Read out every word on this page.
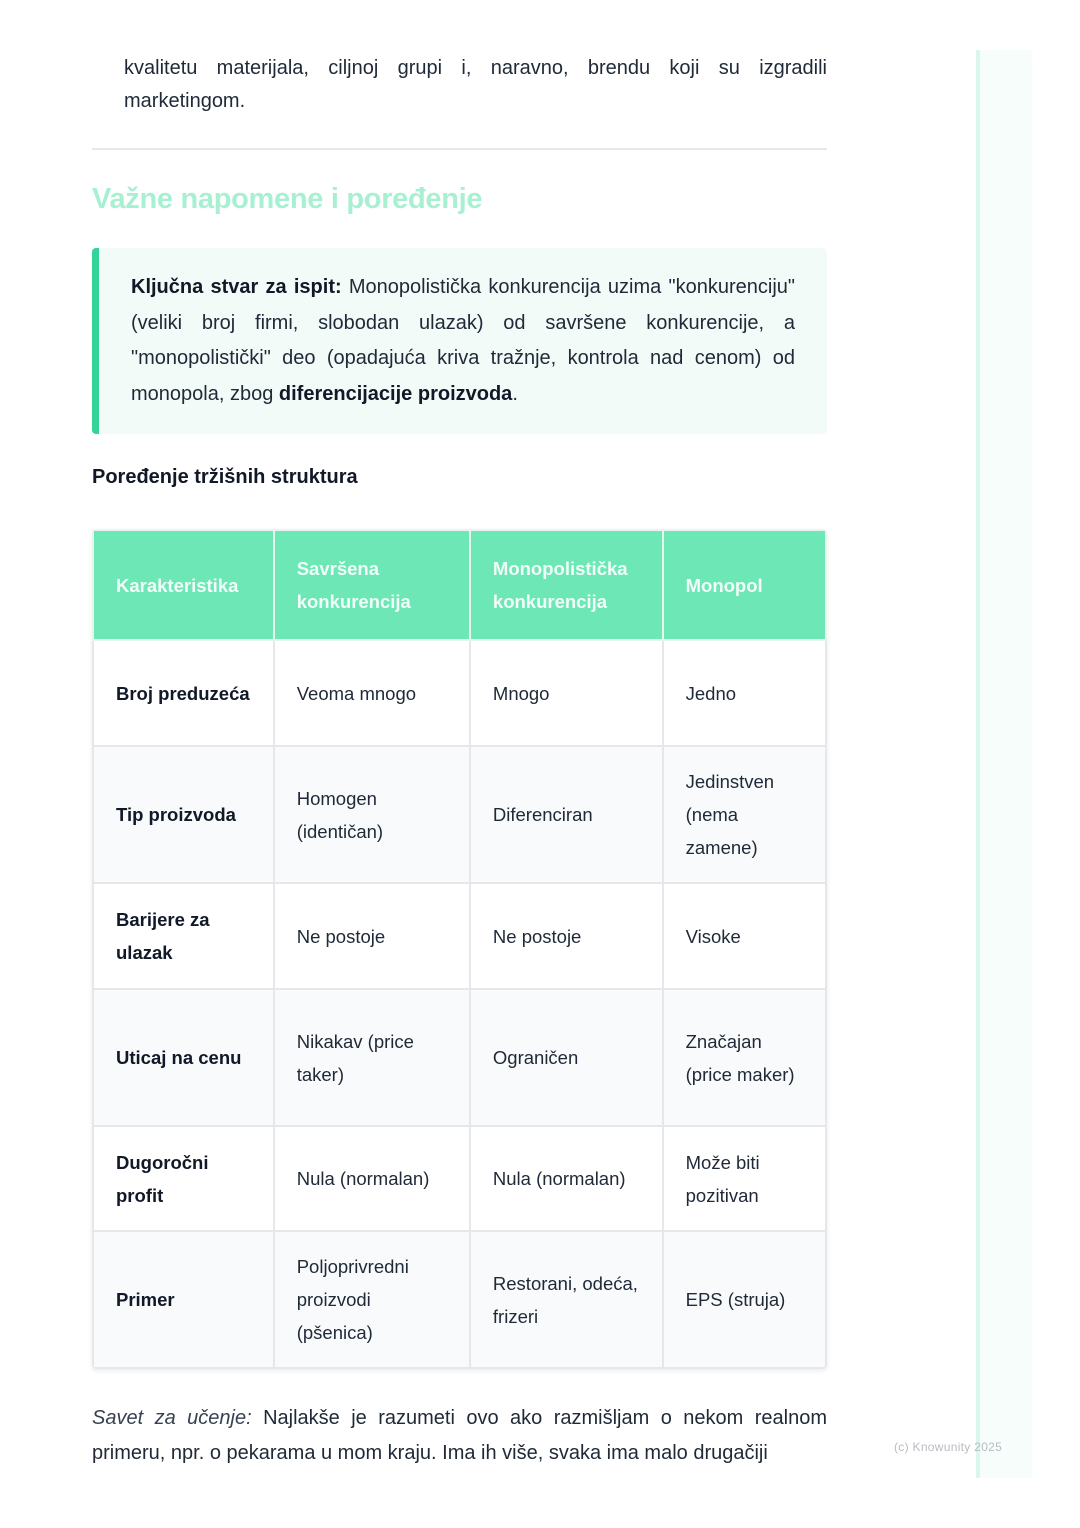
kvalitetu materijala, ciljnoj grupi i, naravno, brendu koji su izgradili marketingom.

Važne napomene i poređenje

Ključna stvar za ispit: Monopolistička konkurencija uzima "konkurenciju" (veliki broj firmi, slobodan ulazak) od savršene konkurencije, a "monopolistički" deo (opadajuća kriva tražnje, kontrola nad cenom) od monopola, zbog diferencijacije proizvoda.

Poređenje tržišnih struktura
Karakteristika	Savršena konkurencija	Monopolistička konkurencija	Monopol
Broj preduzeća	Veoma mnogo	Mnogo	Jedno
Tip proizvoda	Homogen (identičan)	Diferenciran	Jedinstven (nema zamene)
Barijere za ulazak	Ne postoje	Ne postoje	Visoke
Uticaj na cenu	Nikakav (price taker)	Ograničen	Značajan (price maker)
Dugoročni profit	Nula (normalan)	Nula (normalan)	Može biti pozitivan
Primer	Poljoprivredni proizvodi (pšenica)	Restorani, odeća, frizeri	EPS (struja)

Savet za učenje: Najlakše je razumeti ovo ako razmišljam o nekom realnom primeru, npr. o pekarama u mom kraju. Ima ih više, svaka ima malo drugačiji	(c) Knowunity 2025
